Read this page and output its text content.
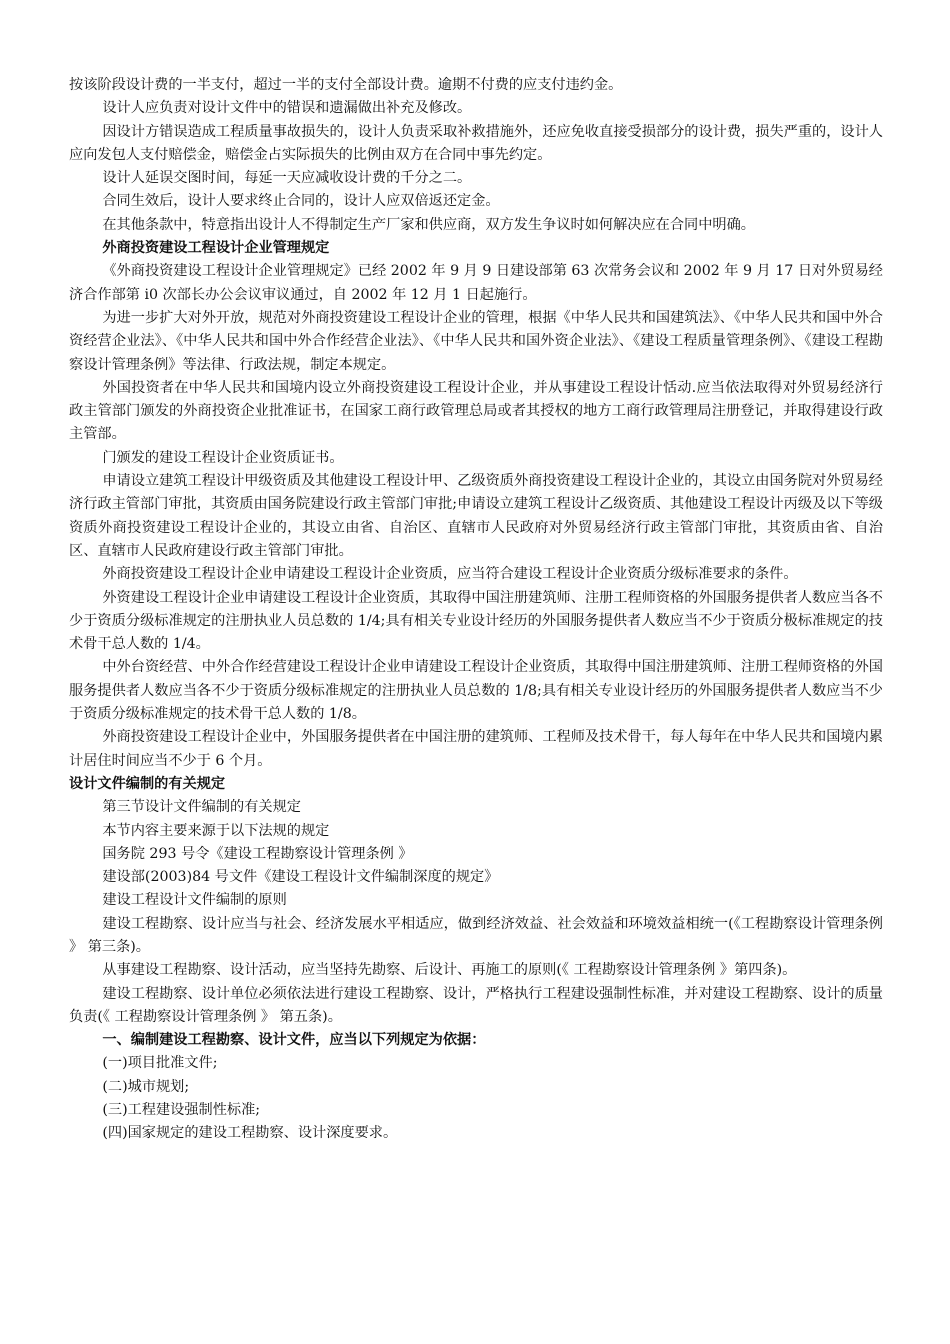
按该阶段设计费的一半支付，超过一半的支付全部设计费。逾期不付费的应支付违约金。

设计人应负责对设计文件中的错误和遗漏做出补充及修改。

因设计方错误造成工程质量事故损失的，设计人负责采取补救措施外，还应免收直接受损部分的设计费，损失严重的，设计人应向发包人支付赔偿金，赔偿金占实际损失的比例由双方在合同中事先约定。

设计人延误交图时间，每延一天应减收设计费的千分之二。

合同生效后，设计人要求终止合同的，设计人应双倍返还定金。

在其他条款中，特意指出设计人不得制定生产厂家和供应商，双方发生争议时如何解决应在合同中明确。

外商投资建设工程设计企业管理规定

《外商投资建设工程设计企业管理规定》已经 2002 年 9 月 9 日建设部第 63 次常务会议和 2002 年 9 月 17 日对外贸易经济合作部第 i0 次部长办公会议审议通过，自 2002 年 12 月 1 日起施行。

为进一步扩大对外开放，规范对外商投资建设工程设计企业的管理，根据《中华人民共和国建筑法》、《中华人民共和国中外合资经营企业法》、《中华人民共和国中外合作经营企业法》、《中华人民共和国外资企业法》、《建设工程质量管理条例》、《建设工程勘察设计管理条例》等法律、行政法规，制定本规定。

外国投资者在中华人民共和国境内设立外商投资建设工程设计企业，并从事建设工程设计恬动.应当依法取得对外贸易经济行政主管部门颁发的外商投资企业批准证书，在国家工商行政管理总局或者其授权的地方工商行政管理局注册登记，并取得建设行政主管部。

门颁发的建设工程设计企业资质证书。

申请设立建筑工程设计甲级资质及其他建设工程设计甲、乙级资质外商投资建设工程设计企业的，其设立由国务院对外贸易经济行政主管部门审批，其资质由国务院建设行政主管部门审批;申请设立建筑工程设计乙级资质、其他建设工程设计丙级及以下等级资质外商投资建设工程设计企业的，其设立由省、自治区、直辖市人民政府对外贸易经济行政主管部门审批，其资质由省、自治区、直辖市人民政府建设行政主管部门审批。

外商投资建设工程设计企业申请建设工程设计企业资质，应当符合建设工程设计企业资质分级标准要求的条件。

外资建设工程设计企业申请建设工程设计企业资质，其取得中国注册建筑师、注册工程师资格的外国服务提供者人数应当各不少于资质分级标准规定的注册执业人员总数的 1/4;具有相关专业设计经历的外国服务提供者人数应当不少于资质分极标准规定的技术骨干总人数的 1/4。

中外台资经营、中外合作经营建设工程设计企业申请建设工程设计企业资质，其取得中国注册建筑师、注册工程师资格的外国服务提供者人数应当各不少于资质分级标准规定的注册执业人员总数的 1/8;具有相关专业设计经历的外国服务提供者人数应当不少于资质分级标准规定的技术骨干总人数的 1/8。

外商投资建设工程设计企业中，外国服务提供者在中国注册的建筑师、工程师及技术骨干，每人每年在中华人民共和国境内累计居住时间应当不少于 6 个月。

设计文件编制的有关规定

第三节设计文件编制的有关规定

本节内容主要来源于以下法规的规定

国务院 293 号令《建设工程勘察设计管理条例 》

建设部(2003)84 号文件《建设工程设计文件编制深度的规定》

建设工程设计文件编制的原则

建设工程勘察、设计应当与社会、经济发展水平相适应，做到经济效益、社会效益和环境效益相统一(《工程勘察设计管理条例 》 第三条)。

从事建设工程勘察、设计活动，应当坚持先勘察、后设计、再施工的原则(《 工程勘察设计管理条例 》第四条)。

建设工程勘察、设计单位必须依法进行建设工程勘察、设计，严格执行工程建设强制性标准，并对建设工程勘察、设计的质量负责(《 工程勘察设计管理条例 》 第五条)。

一、编制建设工程勘察、设计文件，应当以下列规定为依据：

(一)项目批准文件;

(二)城市规划;

(三)工程建设强制性标准;

(四)国家规定的建设工程勘察、设计深度要求。
